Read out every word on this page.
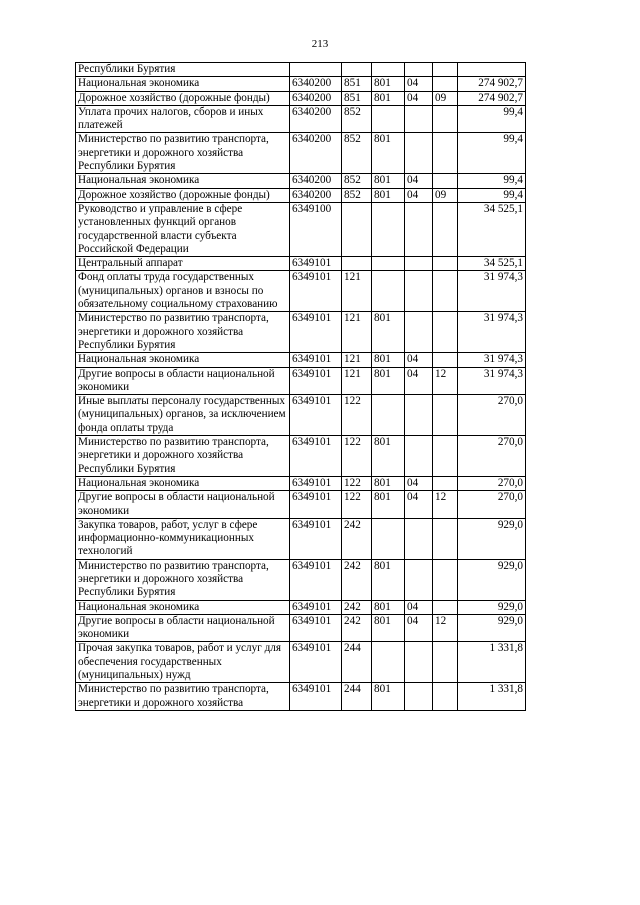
213
Республики Бурятия						
Национальная экономика	6340200	851	801	04		274 902,7
Дорожное хозяйство (дорожные фонды)	6340200	851	801	04	09	274 902,7
Уплата прочих налогов, сборов и иных платежей	6340200	852				99,4
Министерство по развитию транспорта, энергетики и дорожного хозяйства Республики Бурятия	6340200	852	801			99,4
Национальная экономика	6340200	852	801	04		99,4
Дорожное хозяйство (дорожные фонды)	6340200	852	801	04	09	99,4
Руководство и управление в сфере установленных функций органов государственной власти субъекта Российской Федерации	6349100					34 525,1
Центральный аппарат	6349101					34 525,1
Фонд оплаты труда государственных (муниципальных) органов и взносы по обязательному социальному страхованию	6349101	121				31 974,3
Министерство по развитию транспорта, энергетики и дорожного хозяйства Республики Бурятия	6349101	121	801			31 974,3
Национальная экономика	6349101	121	801	04		31 974,3
Другие вопросы в области национальной экономики	6349101	121	801	04	12	31 974,3
Иные выплаты персоналу государственных (муниципальных) органов, за исключением фонда оплаты труда	6349101	122				270,0
Министерство по развитию транспорта, энергетики и дорожного хозяйства Республики Бурятия	6349101	122	801			270,0
Национальная экономика	6349101	122	801	04		270,0
Другие вопросы в области национальной экономики	6349101	122	801	04	12	270,0
Закупка товаров, работ, услуг в сфере информационно-коммуникационных технологий	6349101	242				929,0
Министерство по развитию транспорта, энергетики и дорожного хозяйства Республики Бурятия	6349101	242	801			929,0
Национальная экономика	6349101	242	801	04		929,0
Другие вопросы в области национальной экономики	6349101	242	801	04	12	929,0
Прочая закупка товаров, работ и услуг для обеспечения государственных (муниципальных) нужд	6349101	244				1 331,8
Министерство по развитию транспорта, энергетики и дорожного хозяйства	6349101	244	801			1 331,8
